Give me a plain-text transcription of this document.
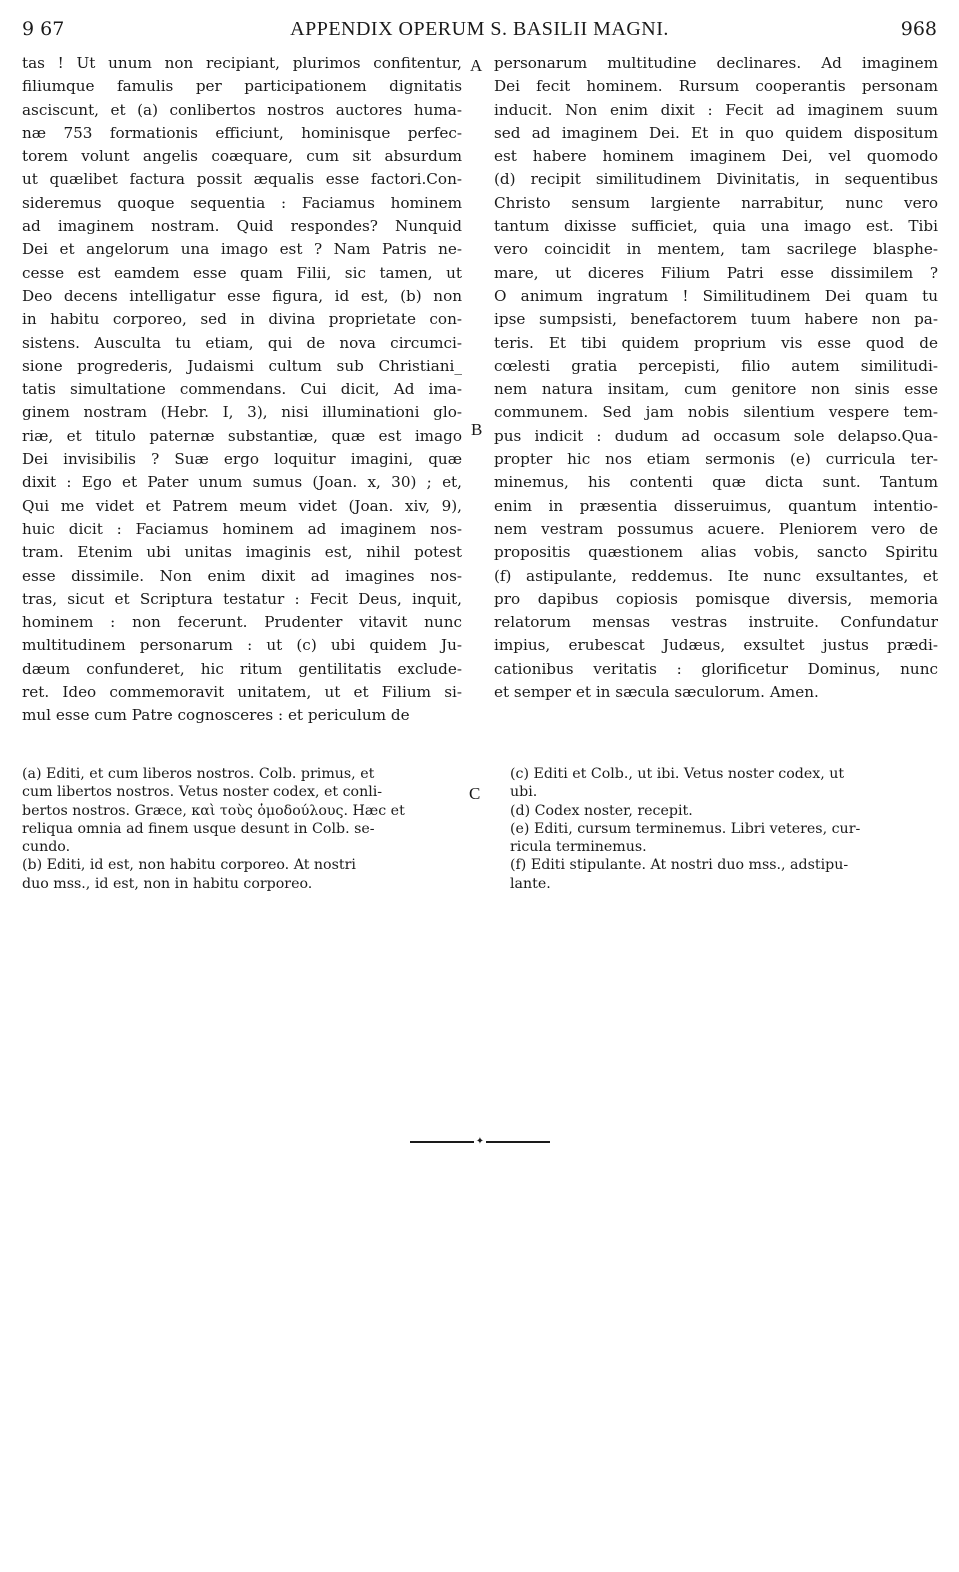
9 67	APPENDIX OPERUM S. BASILII MAGNI.	968
A
B
C
tas ! Ut unum non recipiant, plurimos confitentur,
filiumque famulis per participationem dignitatis
asciscunt, et (a) conlibertos nostros auctores huma-
næ 753 formationis efficiunt, hominisque perfec-
torem volunt angelis coæquare, cum sit absurdum
ut quælibet factura possit æqualis esse factori.Con-
sideremus quoque sequentia : Faciamus hominem
ad imaginem nostram. Quid respondes? Nunquid
Dei et angelorum una imago est ? Nam Patris ne-
cesse est eamdem esse quam Filii, sic tamen, ut
Deo decens intelligatur esse figura, id est, (b) non
in habitu corporeo, sed in divina proprietate con-
sistens. Ausculta tu etiam, qui de nova circumci-
sione progrederis, Judaismi cultum sub Christiani_
tatis simultatione commendans. Cui dicit, Ad ima-
ginem nostram (Hebr. I, 3), nisi illuminationi glo-
riæ, et titulo paternæ substantiæ, quæ est imago
Dei invisibilis ? Suæ ergo loquitur imagini, quæ
dixit : Ego et Pater unum sumus (Joan. x, 30) ; et,
Qui me videt et Patrem meum videt (Joan. xiv, 9),
huic dicit : Faciamus hominem ad imaginem nos-
tram. Etenim ubi unitas imaginis est, nihil potest
esse dissimile. Non enim dixit ad imagines nos-
tras, sicut et Scriptura testatur : Fecit Deus, inquit,
hominem : non fecerunt. Prudenter vitavit nunc
multitudinem personarum : ut (c) ubi quidem Ju-
dæum confunderet, hic ritum gentilitatis excludе-
ret. Ideo commemoravit unitatem, ut et Filium si-
mul esse cum Patre cognosceres : et periculum de
personarum multitudine declinares. Ad imaginem
Dei fecit hominem. Rursum cooperantis personam
inducit. Non enim dixit : Fecit ad imaginem suum
sed ad imaginem Dei. Et in quo quidem dispositum
est habere hominem imaginem Dei, vel quomodo
(d) recipit similitudinem Divinitatis, in sequentibus
Christo sensum largiente narrabitur, nunc vero
tantum dixisse sufficiet, quia una imago est. Tibi
vero coincidit in mentem, tam sacrilege blasphe-
mare, ut diceres Filium Patri esse dissimilem ?
O animum ingratum ! Similitudinem Dei quam tu
ipse sumpsisti, benefactorem tuum habere non pa-
teris. Et tibi quidem proprium vis esse quod de
cœlesti gratia percepisti, filio autem similitudi-
nem natura insitam, cum genitore non sinis esse
communem. Sed jam nobis silentium vespere tem-
pus indicit : dudum ad occasum sole delapso.Qua-
propter hic nos etiam sermonis (e) curricula ter-
minemus, his contenti quæ dicta sunt. Tantum
enim in præsentia disseruimus, quantum intentio-
nem vestram possumus acuere. Pleniorem vero de
propositis quæstionem alias vobis, sancto Spiritu
(f) astipulante, reddemus. Ite nunc exsultantes, et
pro dapibus copiosis pomisque diversis, memoria
relatorum mensas vestras instruite. Confundatur
impius, erubescat Judæus, exsultet justus prædi-
cationibus veritatis : glorificetur Dominus, nunc
et semper et in sæcula sæculorum. Amen.
(a) Editi, et cum liberos nostros. Colb. primus, et
cum libertos nostros. Vetus noster codex, et conli-
bertos nostros. Græce, καὶ τοὺς ὁμοδούλους. Hæc et
reliqua omnia ad finem usque desunt in Colb. se-
cundo.
(b) Editi, id est, non habitu corporeo. At nostri
duo mss., id est, non in habitu corporeo.
(c) Editi et Colb., ut ibi. Vetus noster codex, ut
ubi.
(d) Codex noster, recepit.
(e) Editi, cursum terminemus. Libri veteres, cur-
ricula terminemus.
(f) Editi stipulante. At nostri duo mss., adstipu-
lante.
✦
